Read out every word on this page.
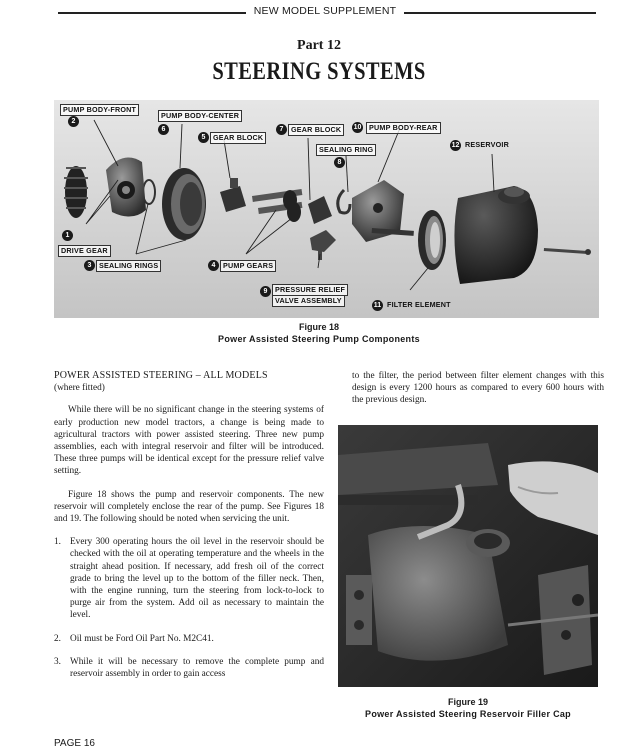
NEW MODEL SUPPLEMENT
Part 12
STEERING SYSTEMS
PUMP BODY-FRONT
2
PUMP BODY-CENTER
6
5	GEAR BLOCK
7	GEAR BLOCK	10	PUMP BODY-REAR
SEALING RING
8
12 RESERVOIR
1
DRIVE GEAR
3	SEALING RINGS	4	PUMP GEARS
9	PRESSURE RELIEF
VALVE ASSEMBLY
11 FILTER ELEMENT
Figure 18
Power Assisted Steering Pump Components
POWER ASSISTED STEERING – ALL MODELS
(where fitted)

While there will be no significant change in the steering systems of early production new model tractors, a change is being made to agricultural tractors with power assisted steering. Three new pump assemblies, each with integral reservoir and filter will be introduced. These three pumps will be identical except for the pressure relief valve setting.

Figure 18 shows the pump and reservoir components. The new reservoir will completely enclose the rear of the pump. See Figures 18 and 19. The following should be noted when servicing the unit.

1. Every 300 operating hours the oil level in the reservoir should be checked with the oil at operating temperature and the wheels in the straight ahead position. If necessary, add fresh oil of the correct grade to bring the level up to the bottom of the filler neck. Then, with the engine running, turn the steering from lock-to-lock to purge air from the system. Add oil as necessary to maintain the level.
2. Oil must be Ford Oil Part No. M2C41.
3. While it will be necessary to remove the complete pump and reservoir assembly in order to gain access
to the filter, the period between filter element changes with this design is every 1200 hours as compared to every 600 hours with the previous design.
Figure 19
Power Assisted Steering Reservoir Filler Cap
PAGE 16
